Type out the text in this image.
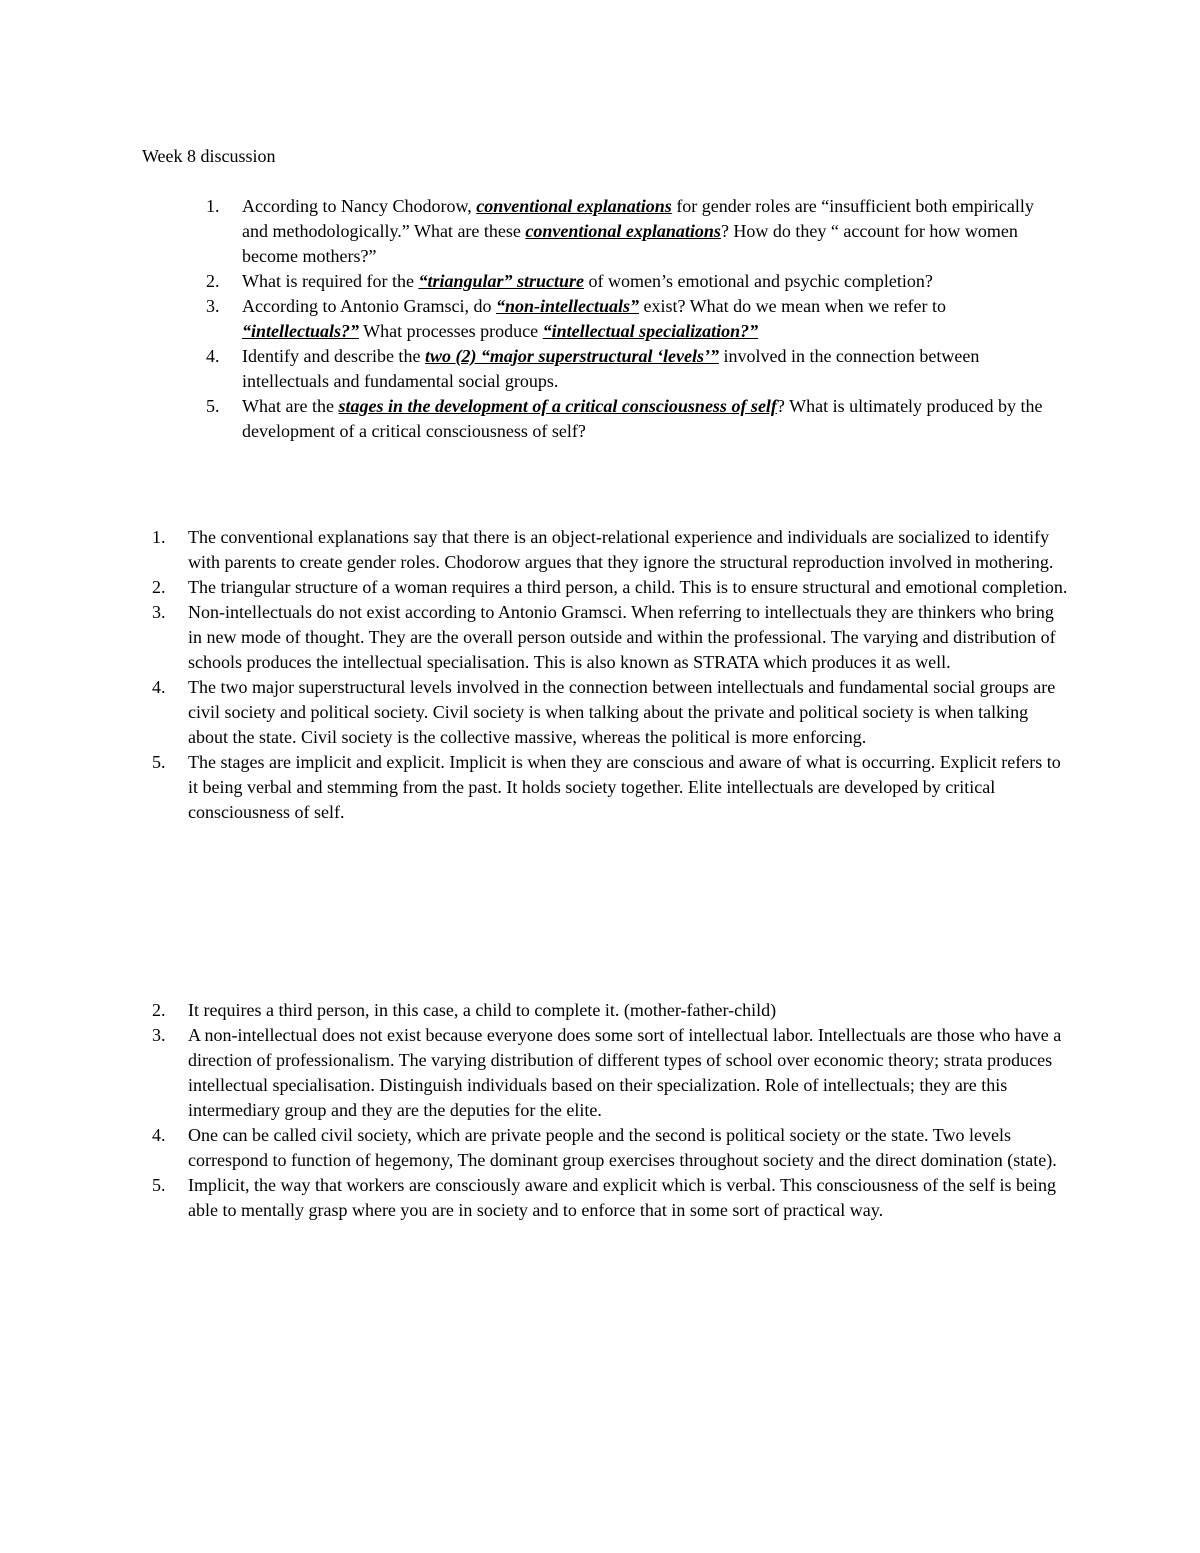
Week 8 discussion

1.	According to Nancy Chodorow, conventional explanations for gender roles are “insufficient both empirically and methodologically.” What are these conventional explanations? How do they “ account for how women become mothers?”
2.	What is required for the “triangular” structure of women’s emotional and psychic completion?
3.	According to Antonio Gramsci, do “non-intellectuals” exist? What do we mean when we refer to “intellectuals?” What processes produce “intellectual specialization?”
4.	Identify and describe the two (2) “major superstructural ‘levels’” involved in the connection between intellectuals and fundamental social groups.
5.	What are the stages in the development of a critical consciousness of self? What is ultimately produced by the development of a critical consciousness of self?
1.	The conventional explanations say that there is an object-relational experience and individuals are socialized to identify with parents to create gender roles. Chodorow argues that they ignore the structural reproduction involved in mothering.
2.	The triangular structure of a woman requires a third person, a child. This is to ensure structural and emotional completion.
3.	Non-intellectuals do not exist according to Antonio Gramsci. When referring to intellectuals they are thinkers who bring in new mode of thought. They are the overall person outside and within the professional. The varying and distribution of schools produces the intellectual specialisation. This is also known as STRATA which produces it as well.
4.	The two major superstructural levels involved in the connection between intellectuals and fundamental social groups are civil society and political society. Civil society is when talking about the private and political society is when talking about the state. Civil society is the collective massive, whereas the political is more enforcing.
5.	The stages are implicit and explicit. Implicit is when they are conscious and aware of what is occurring. Explicit refers to it being verbal and stemming from the past. It holds society together. Elite intellectuals are developed by critical consciousness of self.
2.	It requires a third person, in this case, a child to complete it. (mother-father-child)
3.	A non-intellectual does not exist because everyone does some sort of intellectual labor. Intellectuals are those who have a direction of professionalism. The varying distribution of different types of school over economic theory; strata produces intellectual specialisation. Distinguish individuals based on their specialization. Role of intellectuals; they are this intermediary group and they are the deputies for the elite.
4.	One can be called civil society, which are private people and the second is political society or the state. Two levels correspond to function of hegemony, The dominant group exercises throughout society and the direct domination (state).
5.	Implicit, the way that workers are consciously aware and explicit which is verbal. This consciousness of the self is being able to mentally grasp where you are in society and to enforce that in some sort of practical way.
